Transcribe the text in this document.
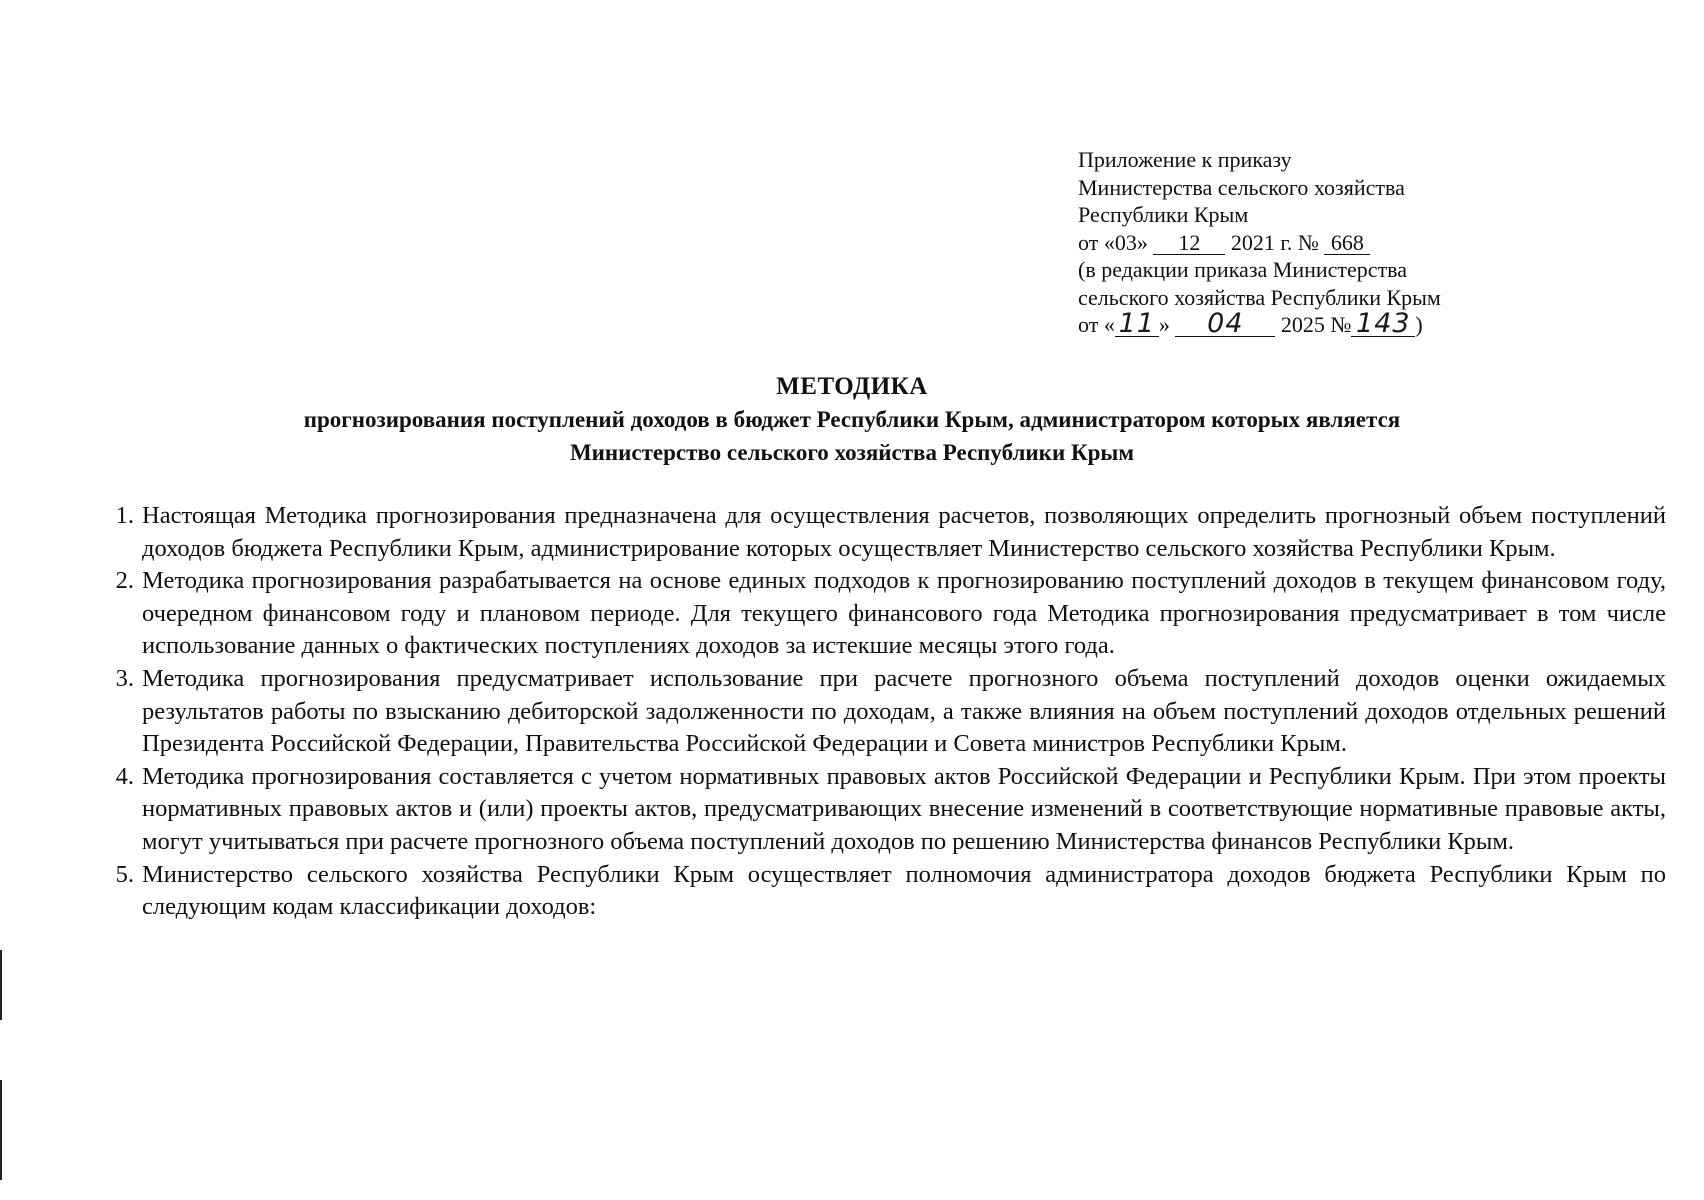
Приложение к приказу
Министерства сельского хозяйства
Республики Крым
от «03» 12 2021 г. № 668
(в редакции приказа Министерства
сельского хозяйства Республики Крым
от « 11 » 04 2025 № 143 )
МЕТОДИКА
прогнозирования поступлений доходов в бюджет Республики Крым, администратором которых является
Министерство сельского хозяйства Республики Крым

1. Настоящая Методика прогнозирования предназначена для осуществления расчетов, позволяющих определить прогнозный объем поступлений доходов бюджета Республики Крым, администрирование которых осуществляет Министерство сельского хозяйства Республики Крым.

2. Методика прогнозирования разрабатывается на основе единых подходов к прогнозированию поступлений доходов в текущем финансовом году, очередном финансовом году и плановом периоде. Для текущего финансового года Методика прогнозирования предусматривает в том числе использование данных о фактических поступлениях доходов за истекшие месяцы этого года.

3. Методика прогнозирования предусматривает использование при расчете прогнозного объема поступлений доходов оценки ожидаемых результатов работы по взысканию дебиторской задолженности по доходам, а также влияния на объем поступлений доходов отдельных решений Президента Российской Федерации, Правительства Российской Федерации и Совета министров Республики Крым.

4. Методика прогнозирования составляется с учетом нормативных правовых актов Российской Федерации и Республики Крым. При этом проекты нормативных правовых актов и (или) проекты актов, предусматривающих внесение изменений в соответствующие нормативные правовые акты, могут учитываться при расчете прогнозного объема поступлений доходов по решению Министерства финансов Республики Крым.

5. Министерство сельского хозяйства Республики Крым осуществляет полномочия администратора доходов бюджета Республики Крым по следующим кодам классификации доходов:
